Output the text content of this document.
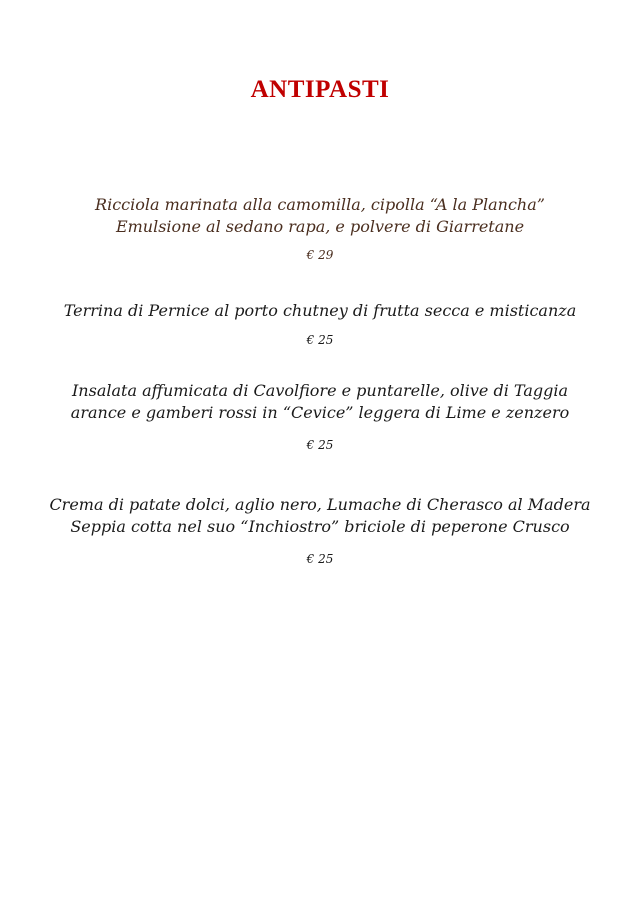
ANTIPASTI
Ricciola marinata alla camomilla, cipolla “A la Plancha”
Emulsione al sedano rapa, e polvere di Giarretane
€ 29
Terrina di Pernice al porto chutney di frutta secca e misticanza
€ 25
Insalata affumicata di Cavolfiore e puntarelle, olive di Taggia
arance e gamberi rossi in “Cevice” leggera di Lime e zenzero
€ 25
Crema di patate dolci, aglio nero, Lumache di Cherasco al Madera
Seppia cotta nel suo “Inchiostro” briciole di peperone Crusco
€ 25
